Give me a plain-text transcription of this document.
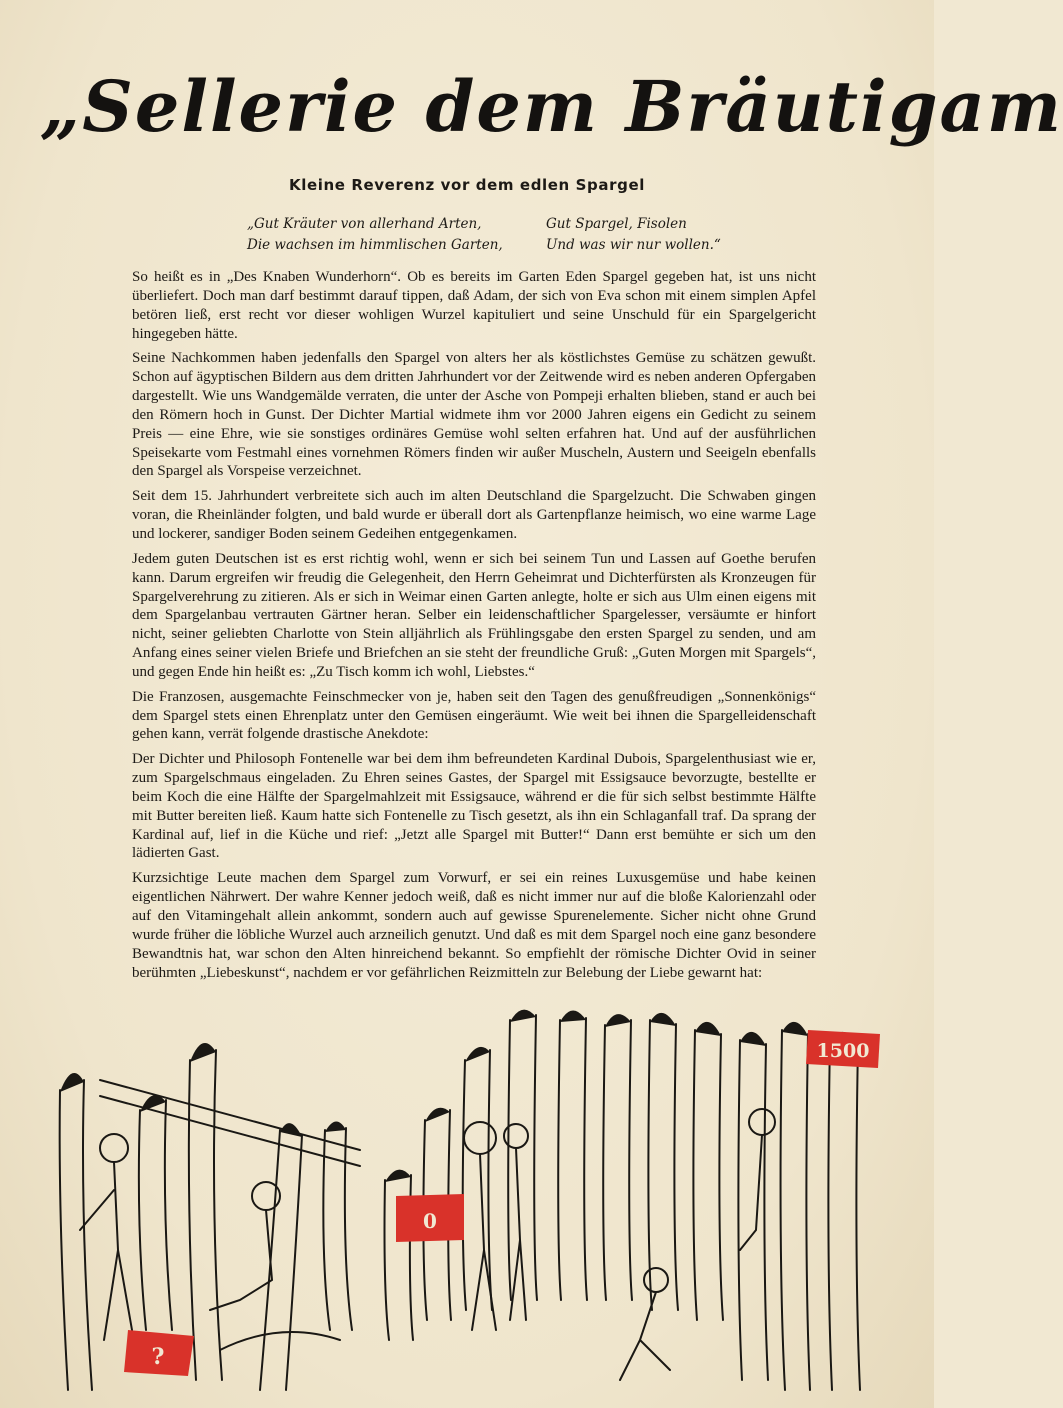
„Sellerie dem Bräutigam
Kleine Reverenz vor dem edlen Spargel
„Gut Kräuter von allerhand Arten,
Die wachsen im himmlischen Garten,
Gut Spargel, Fisolen
Und was wir nur wollen.“

So heißt es in „Des Knaben Wunderhorn“. Ob es bereits im Garten Eden Spargel gegeben hat, ist uns nicht überliefert. Doch man darf bestimmt darauf tippen, daß Adam, der sich von Eva schon mit einem simplen Apfel betören ließ, erst recht vor dieser wohligen Wurzel kapituliert und seine Unschuld für ein Spargelgericht hingegeben hätte.

Seine Nachkommen haben jedenfalls den Spargel von alters her als köstlichstes Gemüse zu schätzen gewußt. Schon auf ägyptischen Bildern aus dem dritten Jahrhundert vor der Zeitwende wird es neben anderen Opfergaben dargestellt. Wie uns Wandgemälde verraten, die unter der Asche von Pompeji erhalten blieben, stand er auch bei den Römern hoch in Gunst. Der Dichter Martial widmete ihm vor 2000 Jahren eigens ein Gedicht zu seinem Preis — eine Ehre, wie sie sonstiges ordinäres Gemüse wohl selten erfahren hat. Und auf der ausführlichen Speisekarte vom Festmahl eines vornehmen Römers finden wir außer Muscheln, Austern und Seeigeln ebenfalls den Spargel als Vorspeise verzeichnet.

Seit dem 15. Jahrhundert verbreitete sich auch im alten Deutschland die Spargelzucht. Die Schwaben gingen voran, die Rheinländer folgten, und bald wurde er überall dort als Gartenpflanze heimisch, wo eine warme Lage und lockerer, sandiger Boden seinem Gedeihen entgegenkamen.

Jedem guten Deutschen ist es erst richtig wohl, wenn er sich bei seinem Tun und Lassen auf Goethe berufen kann. Darum ergreifen wir freudig die Gelegenheit, den Herrn Geheimrat und Dichterfürsten als Kronzeugen für Spargelverehrung zu zitieren. Als er sich in Weimar einen Garten anlegte, holte er sich aus Ulm einen eigens mit dem Spargelanbau vertrauten Gärtner heran. Selber ein leidenschaftlicher Spargelesser, versäumte er hinfort nicht, seiner geliebten Charlotte von Stein alljährlich als Frühlingsgabe den ersten Spargel zu senden, und am Anfang eines seiner vielen Briefe und Briefchen an sie steht der freundliche Gruß: „Guten Morgen mit Spargels“, und gegen Ende hin heißt es: „Zu Tisch komm ich wohl, Liebstes.“

Die Franzosen, ausgemachte Feinschmecker von je, haben seit den Tagen des genußfreudigen „Sonnenkönigs“ dem Spargel stets einen Ehrenplatz unter den Gemüsen eingeräumt. Wie weit bei ihnen die Spargelleidenschaft gehen kann, verrät folgende drastische Anekdote:

Der Dichter und Philosoph Fontenelle war bei dem ihm befreundeten Kardinal Dubois, Spargelenthusiast wie er, zum Spargelschmaus eingeladen. Zu Ehren seines Gastes, der Spargel mit Essigsauce bevorzugte, bestellte er beim Koch die eine Hälfte der Spargelmahlzeit mit Essigsauce, während er die für sich selbst bestimmte Hälfte mit Butter bereiten ließ. Kaum hatte sich Fontenelle zu Tisch gesetzt, als ihn ein Schlaganfall traf. Da sprang der Kardinal auf, lief in die Küche und rief: „Jetzt alle Spargel mit Butter!“ Dann erst bemühte er sich um den lädierten Gast.

Kurzsichtige Leute machen dem Spargel zum Vorwurf, er sei ein reines Luxusgemüse und habe keinen eigentlichen Nährwert. Der wahre Kenner jedoch weiß, daß es nicht immer nur auf die bloße Kalorienzahl oder auf den Vitamingehalt allein ankommt, sondern auch auf gewisse Spurenelemente. Sicher nicht ohne Grund wurde früher die löbliche Wurzel auch arzneilich genutzt. Und daß es mit dem Spargel noch eine ganz besondere Bewandtnis hat, war schon den Alten hinreichend bekannt. So empfiehlt der römische Dichter Ovid in seiner berühmten „Liebeskunst“, nachdem er vor gefährlichen Reizmitteln zur Belebung der Liebe gewarnt hat:

?
0
1500
